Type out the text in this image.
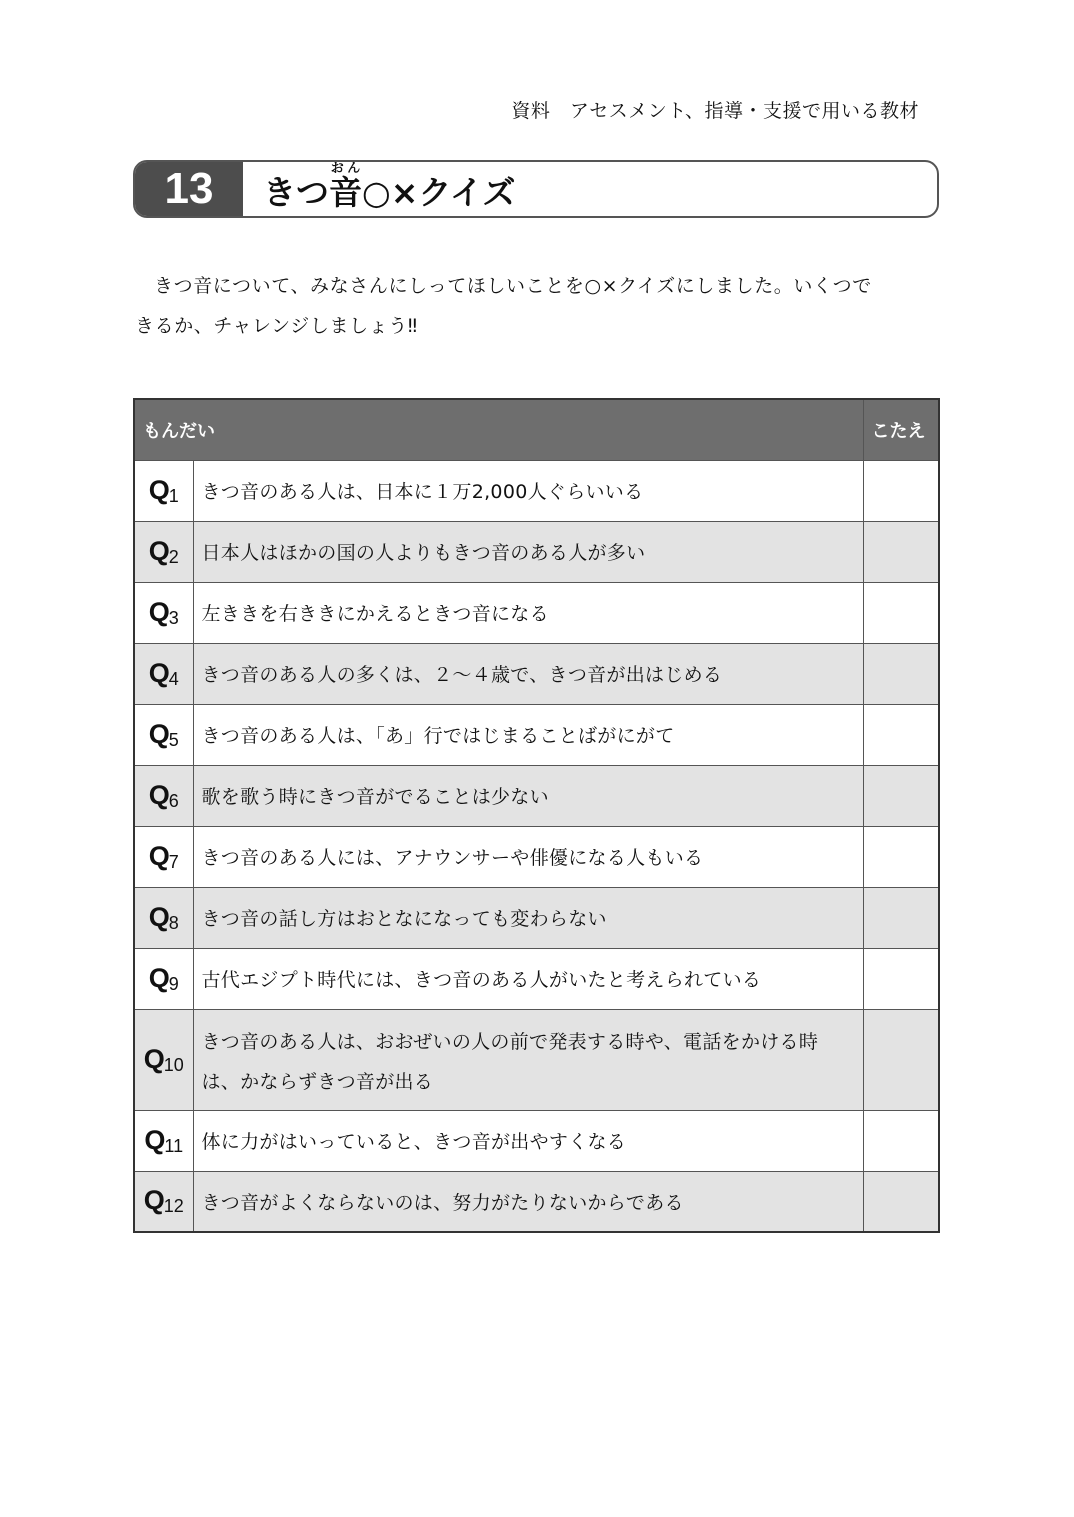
資料　アセスメント、指導・支援で用いる教材
13	きつ 音おん
○×クイズ

きつ音について、みなさんにしってほしいことを○×クイズにしました。いくつで

きるか、チャレンジしましょう‼
もんだい		こたえ
$Q_1$	きつ音のある人は、日本に１万2,000人ぐらいいる	
$Q_2$	日本人はほかの国の人よりもきつ音のある人が多い	
$Q_3$	左ききを右ききにかえるときつ音になる	
$Q_4$	きつ音のある人の多くは、２～４歳で、きつ音が出はじめる	
$Q_5$	きつ音のある人は、「あ」行ではじまることばがにがて	
$Q_6$	歌を歌う時にきつ音がでることは少ない	
$Q_7$	きつ音のある人には、アナウンサーや俳優になる人もいる	
$Q_8$	きつ音の話し方はおとなになっても変わらない	
$Q_9$	古代エジプト時代には、きつ音のある人がいたと考えられている	
$Q_{10}$	きつ音のある人は、おおぜいの人の前で発表する時や、電話をかける時は、かならずきつ音が出る	
$Q_{11}$	体に力がはいっていると、きつ音が出やすくなる	
$Q_{12}$	きつ音がよくならないのは、努力がたりないからである	
